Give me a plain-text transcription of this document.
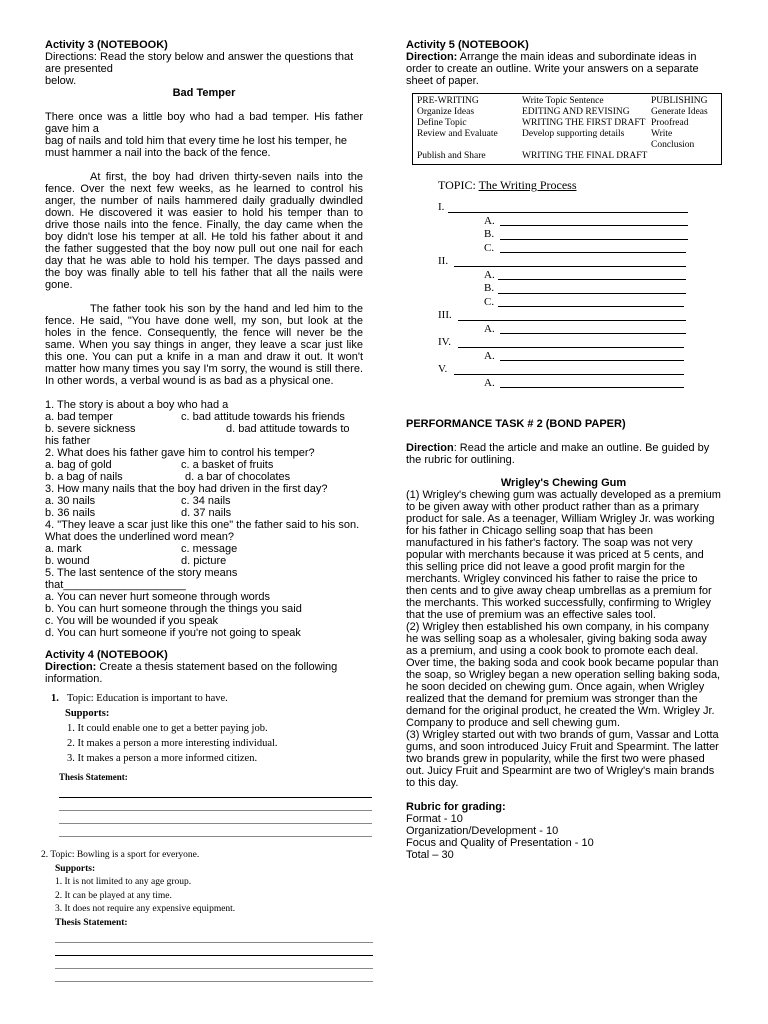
Activity 3 (NOTEBOOK)

Directions: Read the story below and answer the questions that are presented

below.

Bad Temper

There once was a little boy who had a bad temper. His father gave him a

bag of nails and told him that every time he lost his temper, he must hammer a nail into the back of the fence.

At first, the boy had driven thirty-seven nails into the fence. Over the next few weeks, as he learned to control his anger, the number of nails hammered daily gradually dwindled down. He discovered it was easier to hold his temper than to drive those nails into the fence. Finally, the day came when the boy didn't lose his temper at all. He told his father about it and the father suggested that the boy now pull out one nail for each day that he was able to hold his temper. The days passed and the boy was finally able to tell his father that all the nails were gone.

The father took his son by the hand and led him to the fence. He said, "You have done well, my son, but look at the holes in the fence. Consequently, the fence will never be the same. When you say things in anger, they leave a scar just like this one. You can put a knife in a man and draw it out. It won't matter how many times you say I'm sorry, the wound is still there. In other words, a verbal wound is as bad as a physical one.

1. The story is about a boy who had a

a. bad temper	c. bad attitude towards his friends
b. severe sickness	d. bad attitude towards to

his father

2. What does his father gave him to control his temper?

a. bag of gold	c. a basket of fruits
b. a bag of nails	d. a bar of chocolates

3. How many nails that the boy had driven in the first day?

a. 30 nails	c. 34 nails
b. 36 nails	d. 37 nails

4. "They leave a scar just like this one" the father said to his son. What does the underlined word mean?

a. mark	c. message
b. wound	d. picture

5. The last sentence of the story means

that____________________

a. You can never hurt someone through words

b. You can hurt someone through the things you said

c. You will be wounded if you speak

d. You can hurt someone if you're not going to speak

Activity 4 (NOTEBOOK)

Direction: Create a thesis statement based on the following information.

1. Topic: Education is important to have.
Supports:
1. It could enable one to get a better paying job.
2. It makes a person a more interesting individual.
3. It makes a person a more informed citizen.
Thesis Statement:
2. Topic: Bowling is a sport for everyone.
Supports:
1. It is not limited to any age group.
2. It can be played at any time.
3. It does not require any expensive equipment.
Thesis Statement:

Activity 5 (NOTEBOOK)

Direction: Arrange the main ideas and subordinate ideas in order to create an outline. Write your answers on a separate sheet of paper.

PRE-WRITING	Write Topic Sentence	PUBLISHING
Organize Ideas	EDITING AND REVISING	Generate Ideas
Define Topic	WRITING THE FIRST DRAFT	Proofread
Review and Evaluate	Develop supporting details	Write Conclusion
Publish and Share	WRITING THE FINAL DRAFT	
TOPIC: The Writing Process
I.
A.
B.
C.
II.
A.
B.
C.
III.
A.
IV.
A.
V.
A.

PERFORMANCE TASK # 2 (BOND PAPER)

Direction: Read the article and make an outline. Be guided by the rubric for outlining.

Wrigley's Chewing Gum

(1) Wrigley's chewing gum was actually developed as a premium to be given away with other product rather than as a primary product for sale. As a teenager, William Wrigley Jr. was working for his father in Chicago selling soap that has been manufactured in his father's factory. The soap was not very popular with merchants because it was priced at 5 cents, and this selling price did not leave a good profit margin for the merchants. Wrigley convinced his father to raise the price to then cents and to give away cheap umbrellas as a premium for the merchants. This worked successfully, confirming to Wrigley that the use of premium was an effective sales tool.

(2) Wrigley then established his own company, in his company he was selling soap as a wholesaler, giving baking soda away as a premium, and using a cook book to promote each deal. Over time, the baking soda and cook book became popular than the soap, so Wrigley began a new operation selling baking soda, he soon decided on chewing gum. Once again, when Wrigley realized that the demand for premium was stronger than the demand for the original product, he created the Wm. Wrigley Jr. Company to produce and sell chewing gum.

(3) Wrigley started out with two brands of gum, Vassar and Lotta gums, and soon introduced Juicy Fruit and Spearmint. The latter two brands grew in popularity, while the first two were phased out. Juicy Fruit and Spearmint are two of Wrigley's main brands to this day.

Rubric for grading:

Format - 10

Organization/Development - 10

Focus and Quality of Presentation - 10

Total – 30
